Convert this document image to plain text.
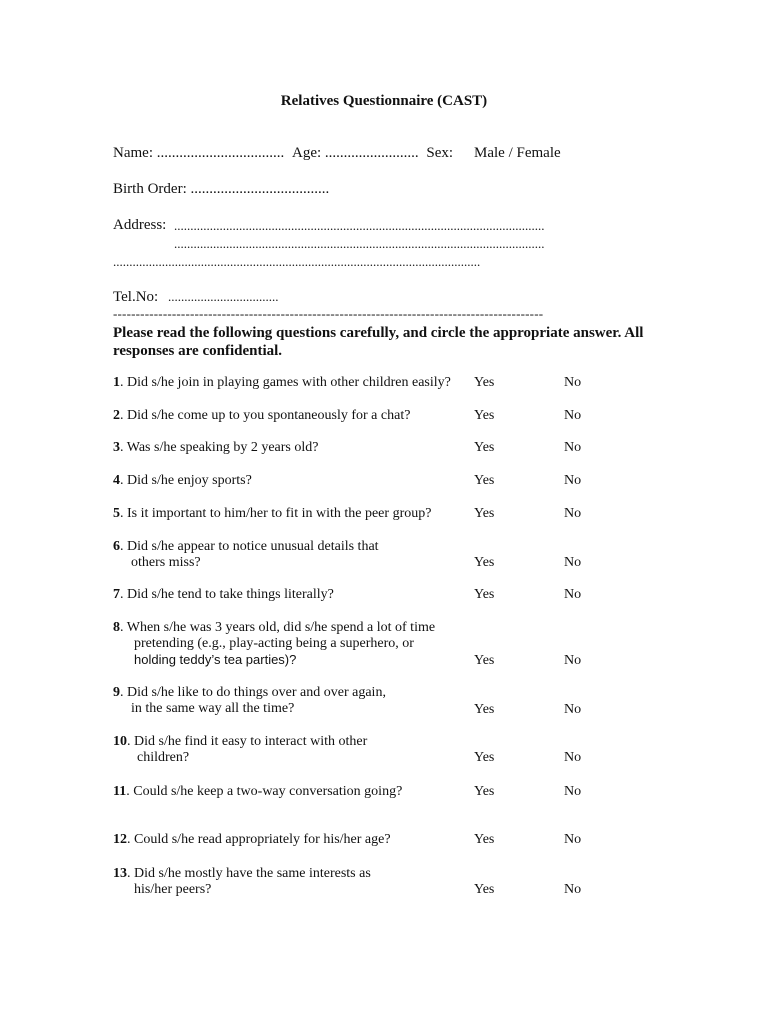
Relatives Questionnaire (CAST)
Name: .................................. Age: ......................... Sex: Male / Female
Birth Order: .....................................
Address: ..................................................................................................................
..................................................................................................................
.................................................................................................................
Tel.No: ..................................
-----------------------------------------------------------------------------------------------
Please read the following questions carefully, and circle the appropriate answer. All responses are confidential.
1. Did s/he join in playing games with other children easily? Yes	No
2. Did s/he come up to you spontaneously for a chat?	Yes	No
3. Was s/he speaking by 2 years old?	Yes	No
4. Did s/he enjoy sports?	Yes	No
5. Is it important to him/her to fit in with the peer group?	Yes	No
6. Did s/he appear to notice unusual details that
others miss?	Yes	No
7. Did s/he tend to take things literally?	Yes	No
8. When s/he was 3 years old, did s/he spend a lot of time
pretending (e.g., play-acting being a superhero, or
holding teddy’s tea parties)?	Yes	No
9. Did s/he like to do things over and over again,
in the same way all the time?	Yes	No
10. Did s/he find it easy to interact with other
children?	Yes	No
11. Could s/he keep a two-way conversation going?	Yes	No
12. Could s/he read appropriately for his/her age?	Yes	No
13. Did s/he mostly have the same interests as
his/her peers?	Yes	No
